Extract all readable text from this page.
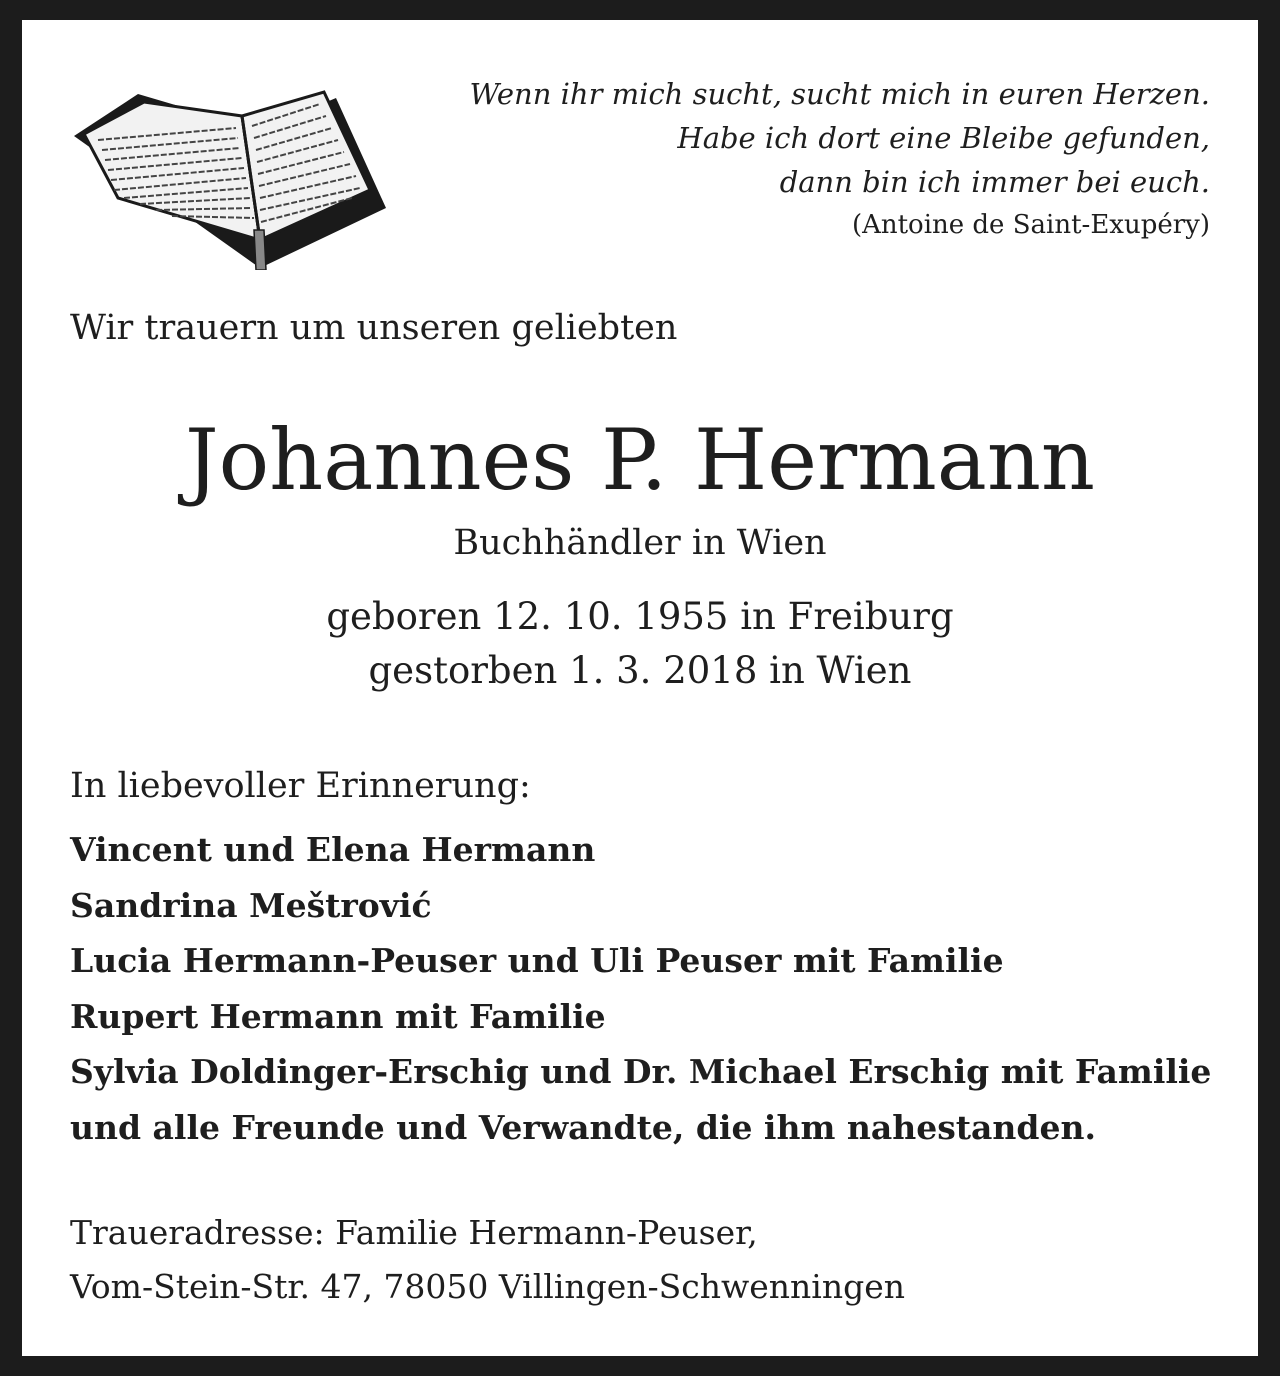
Wenn ihr mich sucht, sucht mich in euren Herzen.
Habe ich dort eine Bleibe gefunden,
dann bin ich immer bei euch.
(Antoine de Saint-Exupéry)
Wir trauern um unseren geliebten
Johannes P. Hermann
Buchhändler in Wien
geboren 12. 10. 1955 in Freiburg
gestorben 1. 3. 2018 in Wien
In liebevoller Erinnerung:
Vincent und Elena Hermann
Sandrina Meštrović
Lucia Hermann-Peuser und Uli Peuser mit Familie
Rupert Hermann mit Familie
Sylvia Doldinger-Erschig und Dr. Michael Erschig mit Familie
und alle Freunde und Verwandte, die ihm nahestanden.
Traueradresse: Familie Hermann-Peuser,
Vom-Stein-Str. 47, 78050 Villingen-Schwenningen
